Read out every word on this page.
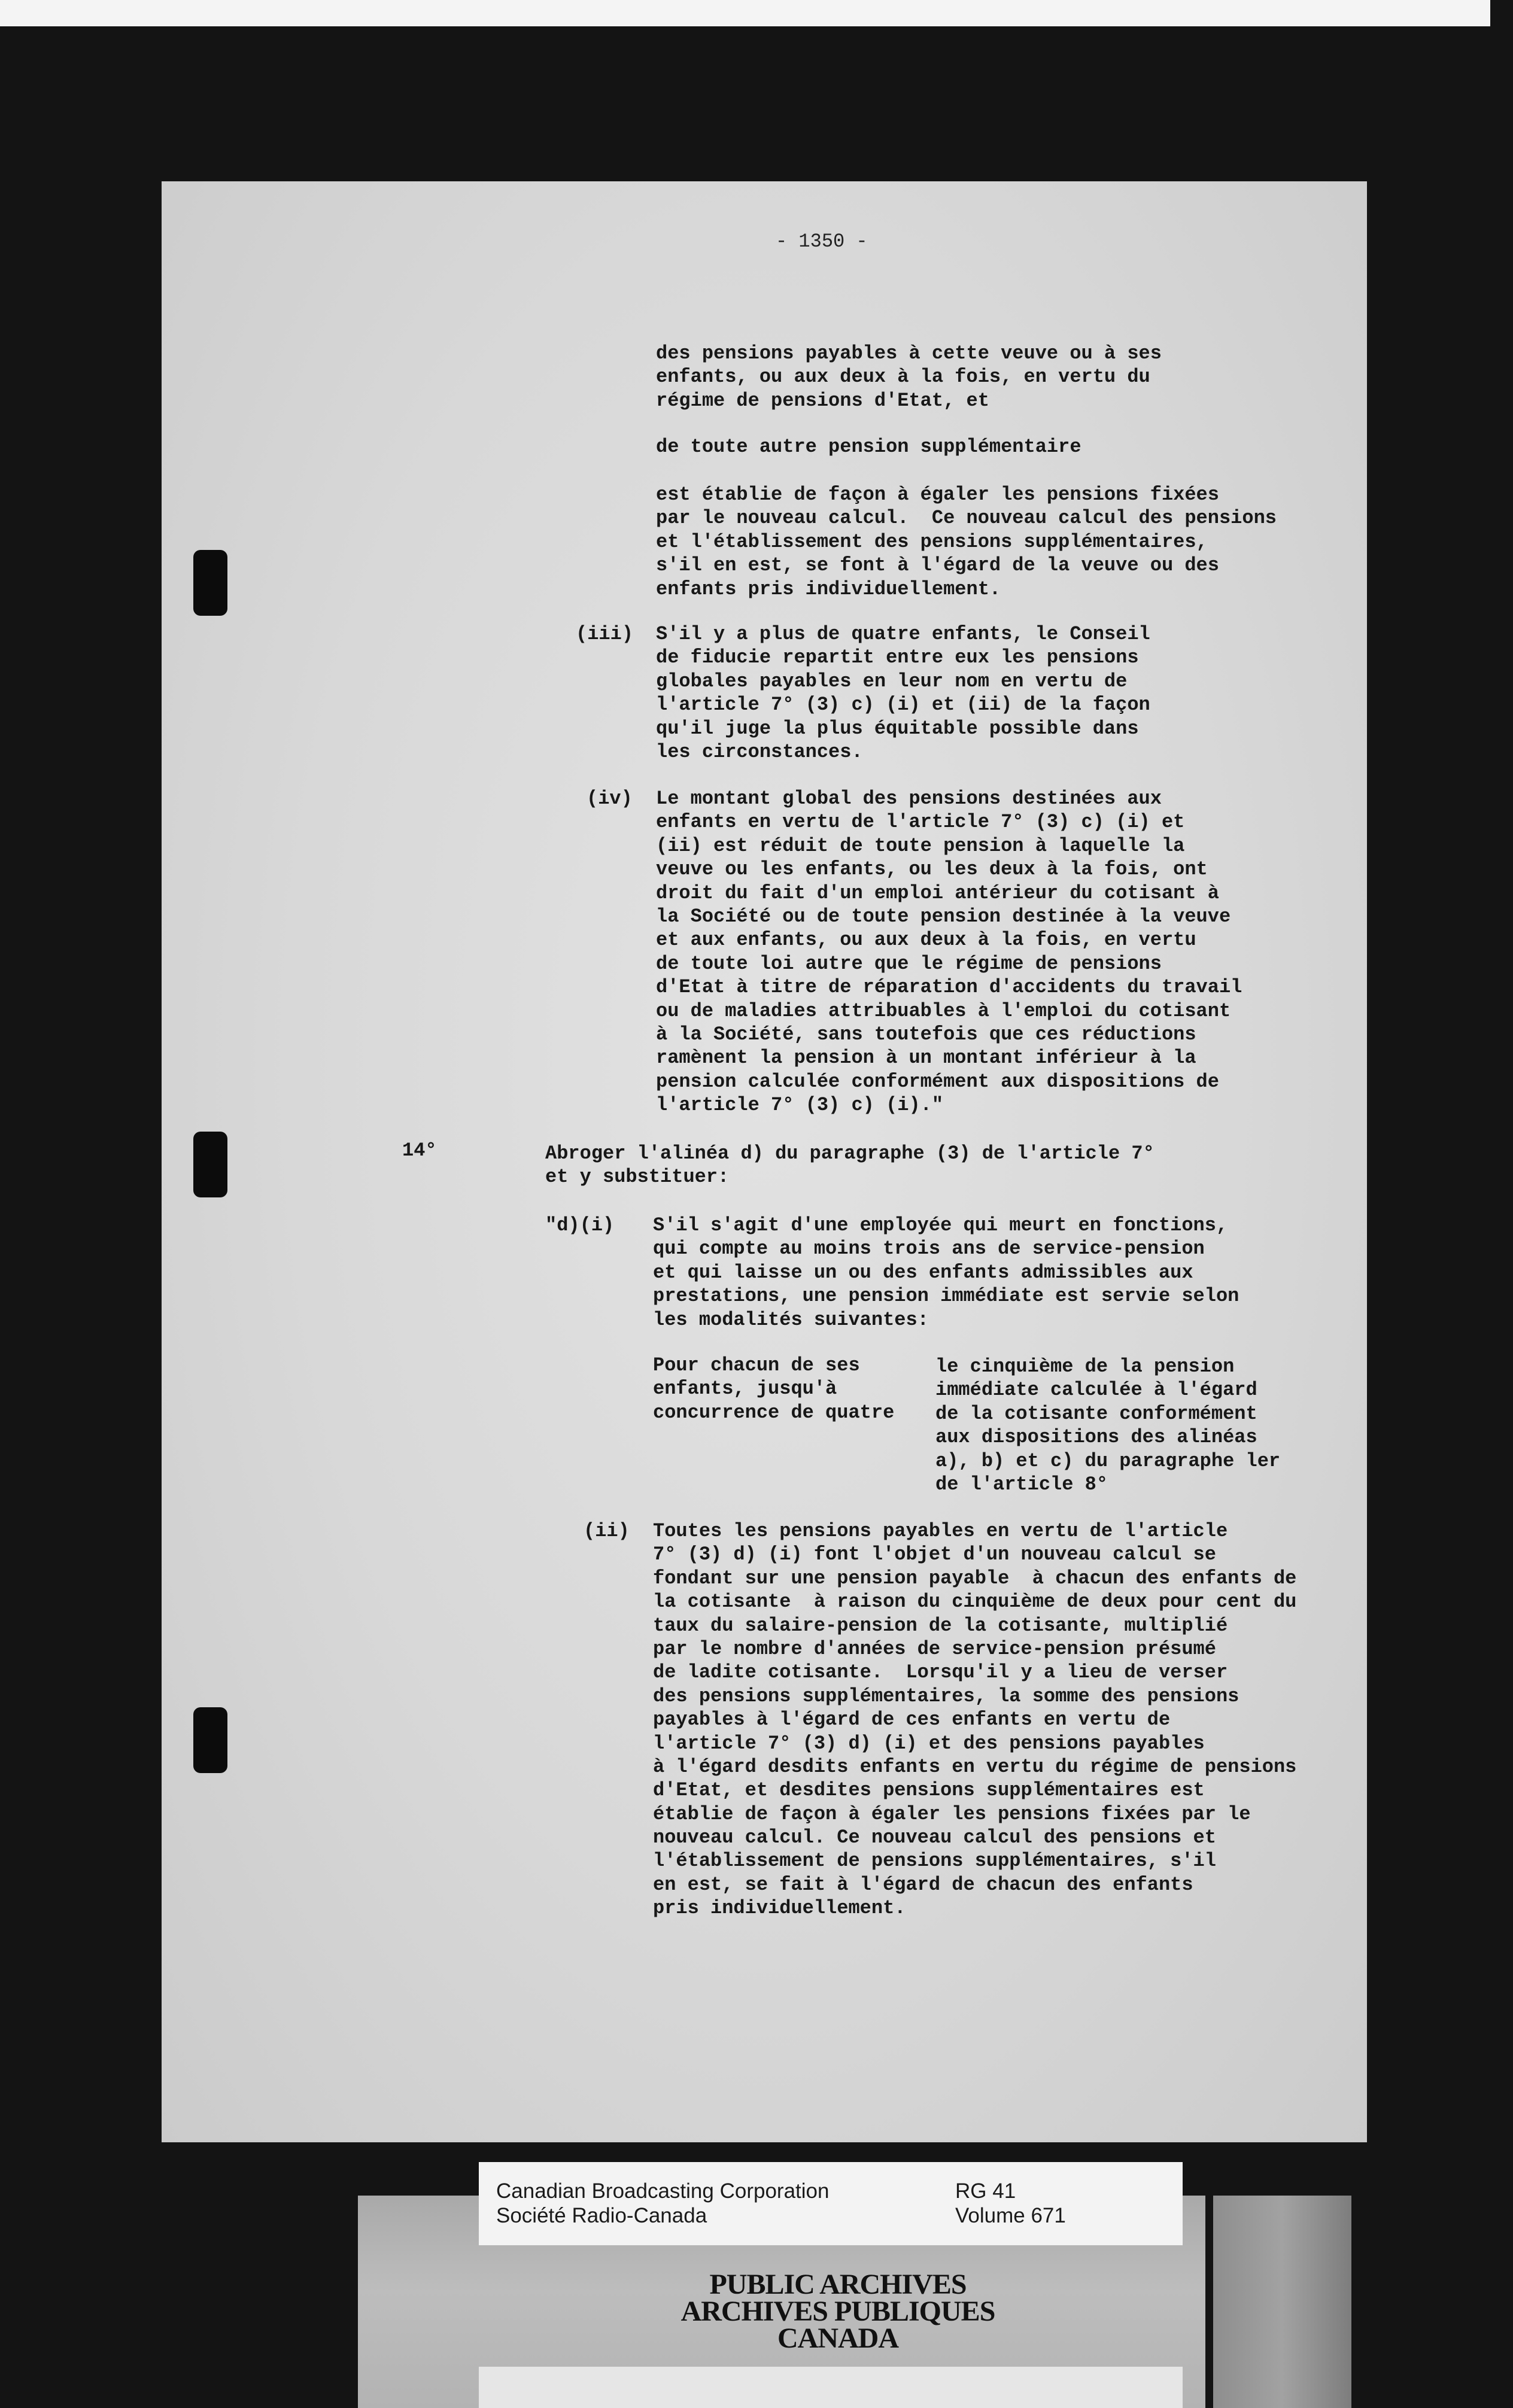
- 1350 -
des pensions payables à cette veuve ou à ses
enfants, ou aux deux à la fois, en vertu du
régime de pensions d'Etat, et
de toute autre pension supplémentaire
est établie de façon à égaler les pensions fixées
par le nouveau calcul.  Ce nouveau calcul des pensions
et l'établissement des pensions supplémentaires,
s'il en est, se font à l'égard de la veuve ou des
enfants pris individuellement.
(iii) S'il y a plus de quatre enfants, le Conseil
de fiducie repartit entre eux les pensions
globales payables en leur nom en vertu de
l'article 7° (3) c) (i) et (ii) de la façon
qu'il juge la plus équitable possible dans
les circonstances.
(iv) Le montant global des pensions destinées aux
enfants en vertu de l'article 7° (3) c) (i) et
(ii) est réduit de toute pension à laquelle la
veuve ou les enfants, ou les deux à la fois, ont
droit du fait d'un emploi antérieur du cotisant à
la Société ou de toute pension destinée à la veuve
et aux enfants, ou aux deux à la fois, en vertu
de toute loi autre que le régime de pensions
d'Etat à titre de réparation d'accidents du travail
ou de maladies attribuables à l'emploi du cotisant
à la Société, sans toutefois que ces réductions
ramènent la pension à un montant inférieur à la
pension calculée conformément aux dispositions de
l'article 7° (3) c) (i)."
14°	Abroger l'alinéa d) du paragraphe (3) de l'article 7°
et y substituer:
"d)(i) S'il s'agit d'une employée qui meurt en fonctions,
qui compte au moins trois ans de service-pension
et qui laisse un ou des enfants admissibles aux
prestations, une pension immédiate est servie selon
les modalités suivantes:
Pour chacun de ses
enfants, jusqu'à
concurrence de quatre
le cinquième de la pension
immédiate calculée à l'égard
de la cotisante conformément
aux dispositions des alinéas
a), b) et c) du paragraphe ler
de l'article 8°
(ii) Toutes les pensions payables en vertu de l'article
7° (3) d) (i) font l'objet d'un nouveau calcul se
fondant sur une pension payable  à chacun des enfants de
la cotisante  à raison du cinquième de deux pour cent du
taux du salaire-pension de la cotisante, multiplié
par le nombre d'années de service-pension présumé
de ladite cotisante.  Lorsqu'il y a lieu de verser
des pensions supplémentaires, la somme des pensions
payables à l'égard de ces enfants en vertu de
l'article 7° (3) d) (i) et des pensions payables
à l'égard desdits enfants en vertu du régime de pensions
d'Etat, et desdites pensions supplémentaires est
établie de façon à égaler les pensions fixées par le
nouveau calcul. Ce nouveau calcul des pensions et
l'établissement de pensions supplémentaires, s'il
en est, se fait à l'égard de chacun des enfants
pris individuellement.
Canadian Broadcasting Corporation
Société Radio-Canada
RG 41
Volume 671
PUBLIC ARCHIVES
ARCHIVES PUBLIQUES
CANADA
